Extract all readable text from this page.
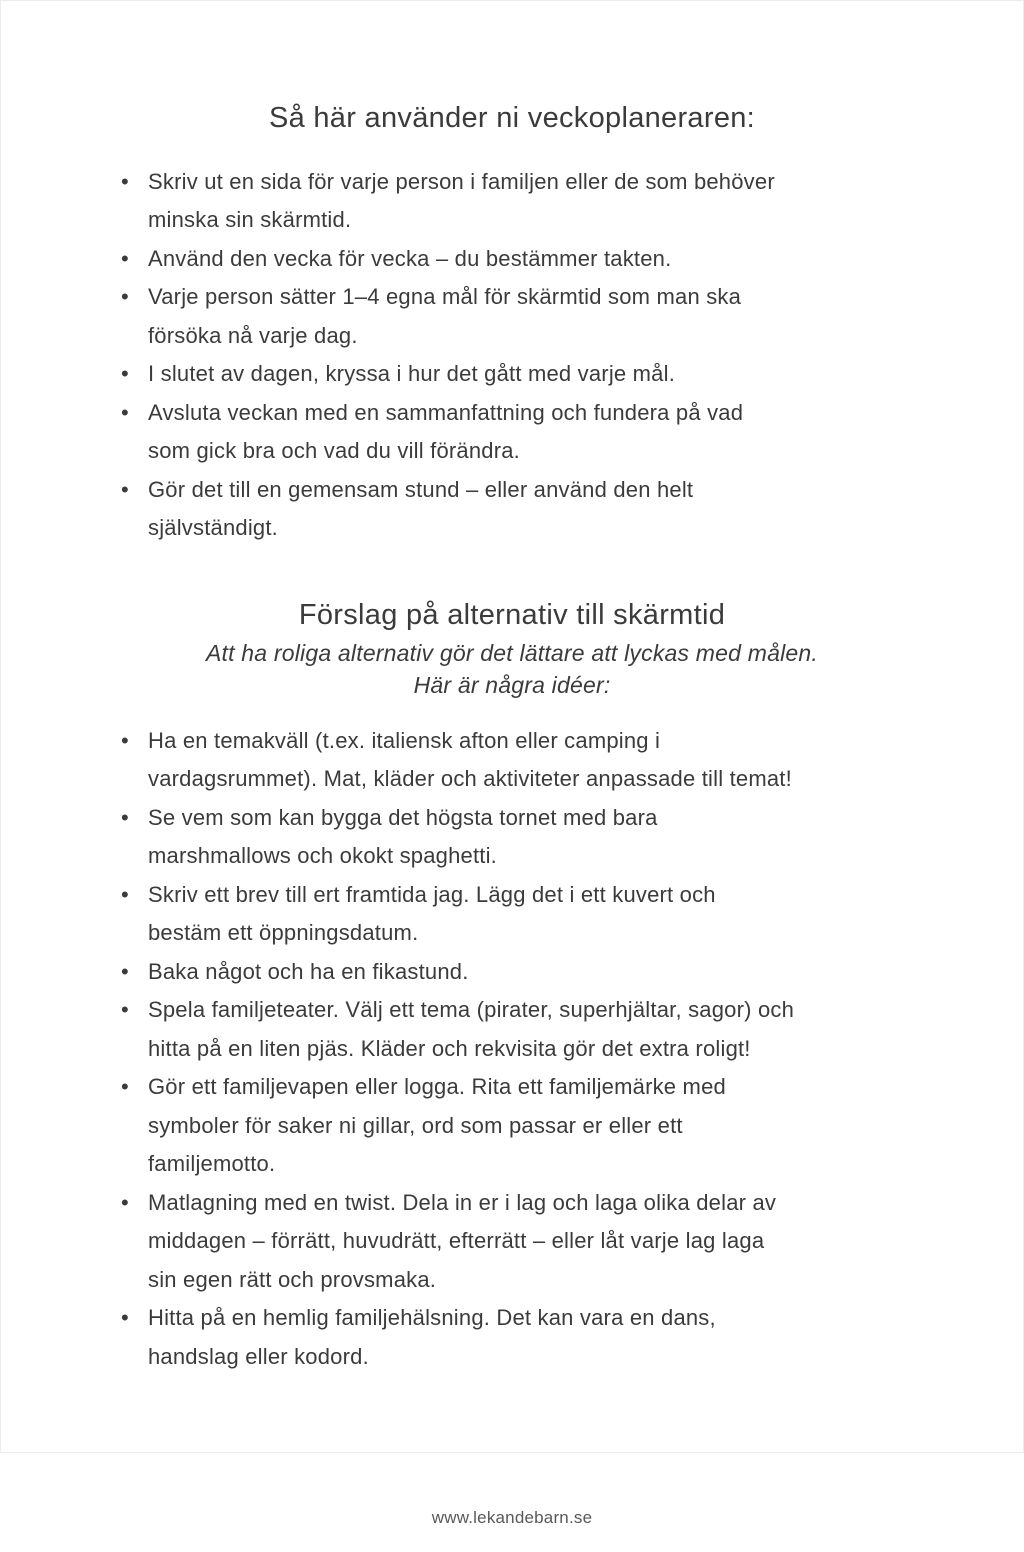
Så här använder ni veckoplaneraren:
• Skriv ut en sida för varje person i familjen eller de som behöver
minska sin skärmtid.
• Använd den vecka för vecka – du bestämmer takten.
• Varje person sätter 1–4 egna mål för skärmtid som man ska
försöka nå varje dag.
• I slutet av dagen, kryssa i hur det gått med varje mål.
• Avsluta veckan med en sammanfattning och fundera på vad
som gick bra och vad du vill förändra.
• Gör det till en gemensam stund – eller använd den helt
självständigt.
Förslag på alternativ till skärmtid

Att ha roliga alternativ gör det lättare att lyckas med målen.
Här är några idéer:

• Ha en temakväll (t.ex. italiensk afton eller camping i
vardagsrummet). Mat, kläder och aktiviteter anpassade till temat!
• Se vem som kan bygga det högsta tornet med bara
marshmallows och okokt spaghetti.
• Skriv ett brev till ert framtida jag. Lägg det i ett kuvert och
bestäm ett öppningsdatum.
• Baka något och ha en fikastund.
• Spela familjeteater. Välj ett tema (pirater, superhjältar, sagor) och
hitta på en liten pjäs. Kläder och rekvisita gör det extra roligt!
• Gör ett familjevapen eller logga. Rita ett familjemärke med
symboler för saker ni gillar, ord som passar er eller ett
familjemotto.
• Matlagning med en twist. Dela in er i lag och laga olika delar av
middagen – förrätt, huvudrätt, efterrätt – eller låt varje lag laga
sin egen rätt och provsmaka.
• Hitta på en hemlig familjehälsning. Det kan vara en dans,
handslag eller kodord.
www.lekandebarn.se
